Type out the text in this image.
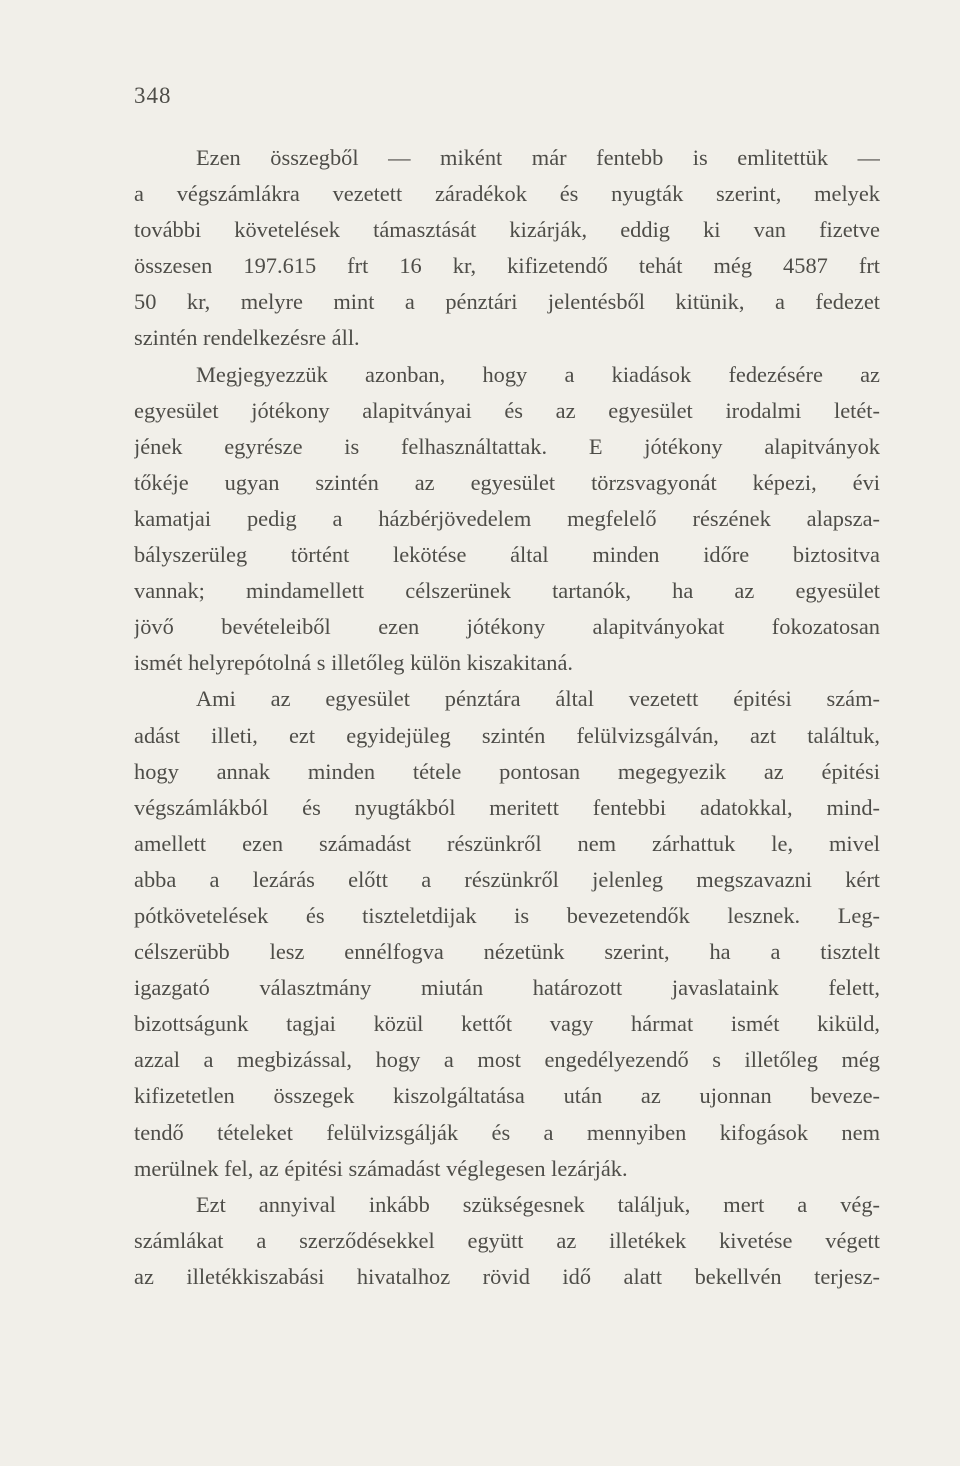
348
Ezen összegből — miként már fentebb is emlitettük —
a végszámlákra vezetett záradékok és nyugták szerint, melyek
további követelések támasztását kizárják, eddig ki van fizetve
összesen 197.615 frt 16 kr, kifizetendő tehát még 4587 frt
50 kr, melyre mint a pénztári jelentésből kitünik, a fedezet
szintén rendelkezésre áll.
Megjegyezzük azonban, hogy a kiadások fedezésére az
egyesület jótékony alapitványai és az egyesület irodalmi letét-
jének egyrésze is felhasználtattak. E jótékony alapitványok
tőkéje ugyan szintén az egyesület törzsvagyonát képezi, évi
kamatjai pedig a házbérjövedelem megfelelő részének alapsza-
bályszerüleg történt lekötése által minden időre biztositva
vannak; mindamellett célszerünek tartanók, ha az egyesület
jövő bevételeiből ezen jótékony alapitványokat fokozatosan
ismét helyrepótolná s illetőleg külön kiszakitaná.
Ami az egyesület pénztára által vezetett épitési szám-
adást illeti, ezt egyidejüleg szintén felülvizsgálván, azt találtuk,
hogy annak minden tétele pontosan megegyezik az épitési
végszámlákból és nyugtákból meritett fentebbi adatokkal, mind-
amellett ezen számadást részünkről nem zárhattuk le, mivel
abba a lezárás előtt a részünkről jelenleg megszavazni kért
pótkövetelések és tiszteletdijak is bevezetendők lesznek. Leg-
célszerübb lesz ennélfogva nézetünk szerint, ha a tisztelt
igazgató választmány miután határozott javaslataink felett,
bizottságunk tagjai közül kettőt vagy hármat ismét kiküld,
azzal a megbizással, hogy a most engedélyezendő s illetőleg még
kifizetetlen összegek kiszolgáltatása után az ujonnan beveze-
tendő tételeket felülvizsgálják és a mennyiben kifogások nem
merülnek fel, az épitési számadást véglegesen lezárják.
Ezt annyival inkább szükségesnek találjuk, mert a vég-
számlákat a szerződésekkel együtt az illetékek kivetése végett
az illetékkiszabási hivatalhoz rövid idő alatt bekellvén terjesz-
